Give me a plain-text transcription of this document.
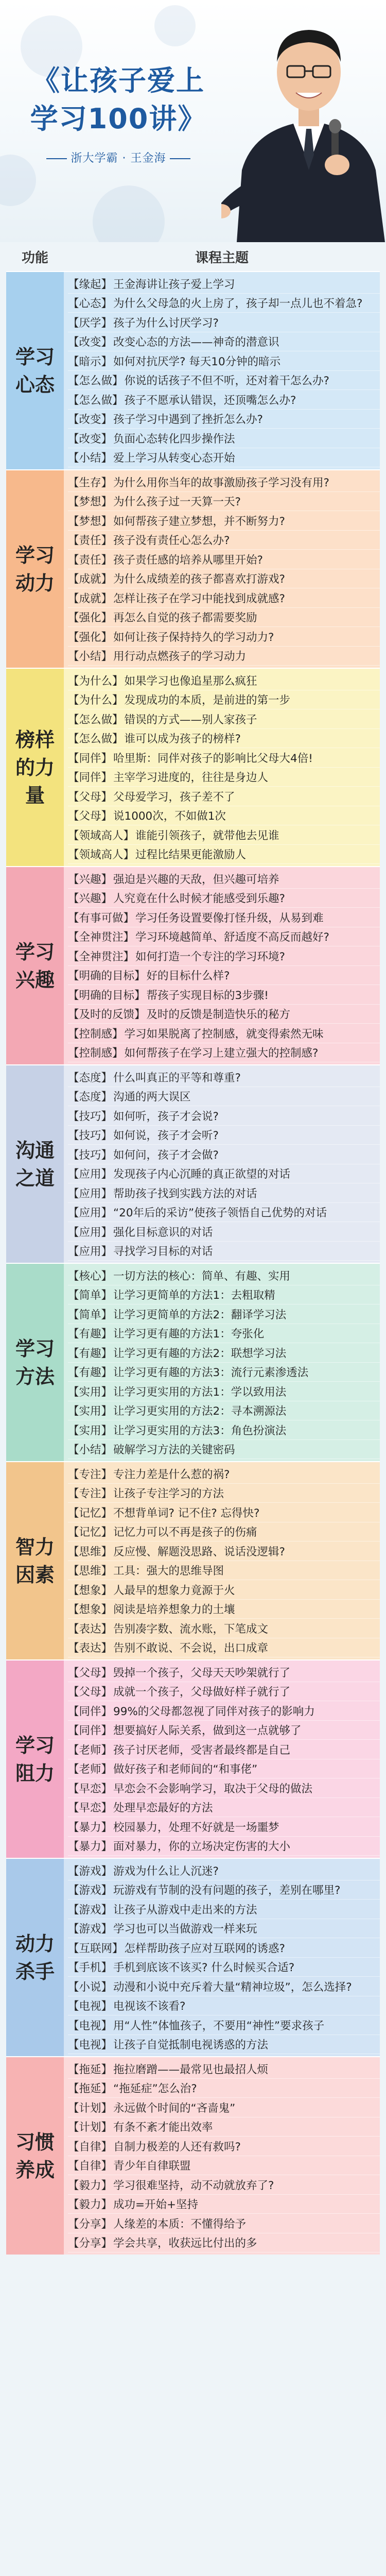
《让孩子爱上
学习100讲》
浙大学霸 · 王金海
功能	课程主题
学习心态
【缘起】 王金海讲让孩子爱上学习
【心态】 为什么父母急的火上房了，孩子却一点儿也不着急?
【厌学】 孩子为什么讨厌学习?
【改变】 改变心态的方法——神奇的潜意识
【暗示】 如何对抗厌学? 每天10分钟的暗示
【怎么做】 你说的话孩子不但不听，还对着干怎么办?
【怎么做】 孩子不愿承认错误，还顶嘴怎么办?
【改变】 孩子学习中遇到了挫折怎么办?
【改变】 负面心态转化四步操作法
【小结】 爱上学习从转变心态开始
学习动力
【生存】 为什么用你当年的故事激励孩子学习没有用?
【梦想】 为什么孩子过一天算一天?
【梦想】 如何帮孩子建立梦想，并不断努力?
【责任】 孩子没有责任心怎么办?
【责任】 孩子责任感的培养从哪里开始?
【成就】 为什么成绩差的孩子都喜欢打游戏?
【成就】 怎样让孩子在学习中能找到成就感?
【强化】 再怎么自觉的孩子都需要奖励
【强化】 如何让孩子保持持久的学习动力?
【小结】 用行动点燃孩子的学习动力
榜样的力量
【为什么】 如果学习也像追星那么疯狂
【为什么】 发现成功的本质，是前进的第一步
【怎么做】 错误的方式——别人家孩子
【怎么做】 谁可以成为孩子的榜样?
【同伴】 哈里斯：同伴对孩子的影响比父母大4倍!
【同伴】 主宰学习进度的，往往是身边人
【父母】 父母爱学习，孩子差不了
【父母】 说1000次，不如做1次
【领域高人】 谁能引领孩子，就带他去见谁
【领域高人】 过程比结果更能激励人
学习兴趣
【兴趣】 强迫是兴趣的天敌，但兴趣可培养
【兴趣】 人究竟在什么时候才能感受到乐趣?
【有事可做】 学习任务设置要像打怪升级，从易到难
【全神贯注】 学习环境越简单、舒适度不高反而越好?
【全神贯注】 如何打造一个专注的学习环境?
【明确的目标】 好的目标什么样?
【明确的目标】 帮孩子实现目标的3步骤!
【及时的反馈】 及时的反馈是制造快乐的秘方
【控制感】 学习如果脱离了控制感，就变得索然无味
【控制感】 如何帮孩子在学习上建立强大的控制感?
沟通之道
【态度】 什么叫真正的平等和尊重?
【态度】 沟通的两大误区
【技巧】 如何听，孩子才会说?
【技巧】 如何说，孩子才会听?
【技巧】 如何问，孩子才会做?
【应用】 发现孩子内心沉睡的真正欲望的对话
【应用】 帮助孩子找到实践方法的对话
【应用】 “20年后的采访”使孩子领悟自己优势的对话
【应用】 强化目标意识的对话
【应用】 寻找学习目标的对话
学习方法
【核心】 一切方法的核心：简单、有趣、实用
【简单】 让学习更简单的方法1：去粗取精
【简单】 让学习更简单的方法2：翻译学习法
【有趣】 让学习更有趣的方法1：夸张化
【有趣】 让学习更有趣的方法2：联想学习法
【有趣】 让学习更有趣的方法3：流行元素渗透法
【实用】 让学习更实用的方法1：学以致用法
【实用】 让学习更实用的方法2：寻本溯源法
【实用】 让学习更实用的方法3：角色扮演法
【小结】 破解学习方法的关键密码
智力因素
【专注】 专注力差是什么惹的祸?
【专注】 让孩子专注学习的方法
【记忆】 不想背单词? 记不住? 忘得快?
【记忆】 记忆力可以不再是孩子的伤痛
【思维】 反应慢、解题没思路、说话没逻辑?
【思维】 工具：强大的思维导图
【想象】 人最早的想象力竟源于火
【想象】 阅读是培养想象力的土壤
【表达】 告别凑字数、流水账，下笔成文
【表达】 告别不敢说、不会说，出口成章
学习阻力
【父母】 毁掉一个孩子，父母天天吵架就行了
【父母】 成就一个孩子，父母做好样子就行了
【同伴】 99%的父母都忽视了同伴对孩子的影响力
【同伴】 想要搞好人际关系，做到这一点就够了
【老师】 孩子讨厌老师，受害者最终都是自己
【老师】 做好孩子和老师间的“和事佬”
【早恋】 早恋会不会影响学习，取决于父母的做法
【早恋】 处理早恋最好的方法
【暴力】 校园暴力，处理不好就是一场噩梦
【暴力】 面对暴力，你的立场决定伤害的大小
动力杀手
【游戏】 游戏为什么让人沉迷?
【游戏】 玩游戏有节制的没有问题的孩子，差别在哪里?
【游戏】 让孩子从游戏中走出来的方法
【游戏】 学习也可以当做游戏一样来玩
【互联网】 怎样帮助孩子应对互联网的诱惑?
【手机】 手机到底该不该买? 什么时候买合适?
【小说】 动漫和小说中充斥着大量“精神垃圾”，怎么选择?
【电视】 电视该不该看?
【电视】 用“人性”体恤孩子，不要用“神性”要求孩子
【电视】 让孩子自觉抵制电视诱惑的方法
习惯养成
【拖延】 拖拉磨蹭——最常见也最招人烦
【拖延】 “拖延症”怎么治?
【计划】 永远做个时间的“吝啬鬼”
【计划】 有条不紊才能出效率
【自律】 自制力极差的人还有救吗?
【自律】 青少年自律联盟
【毅力】 学习很难坚持，动不动就放弃了?
【毅力】 成功=开始+坚持
【分享】 人缘差的本质：不懂得给予
【分享】 学会共享，收获远比付出的多
